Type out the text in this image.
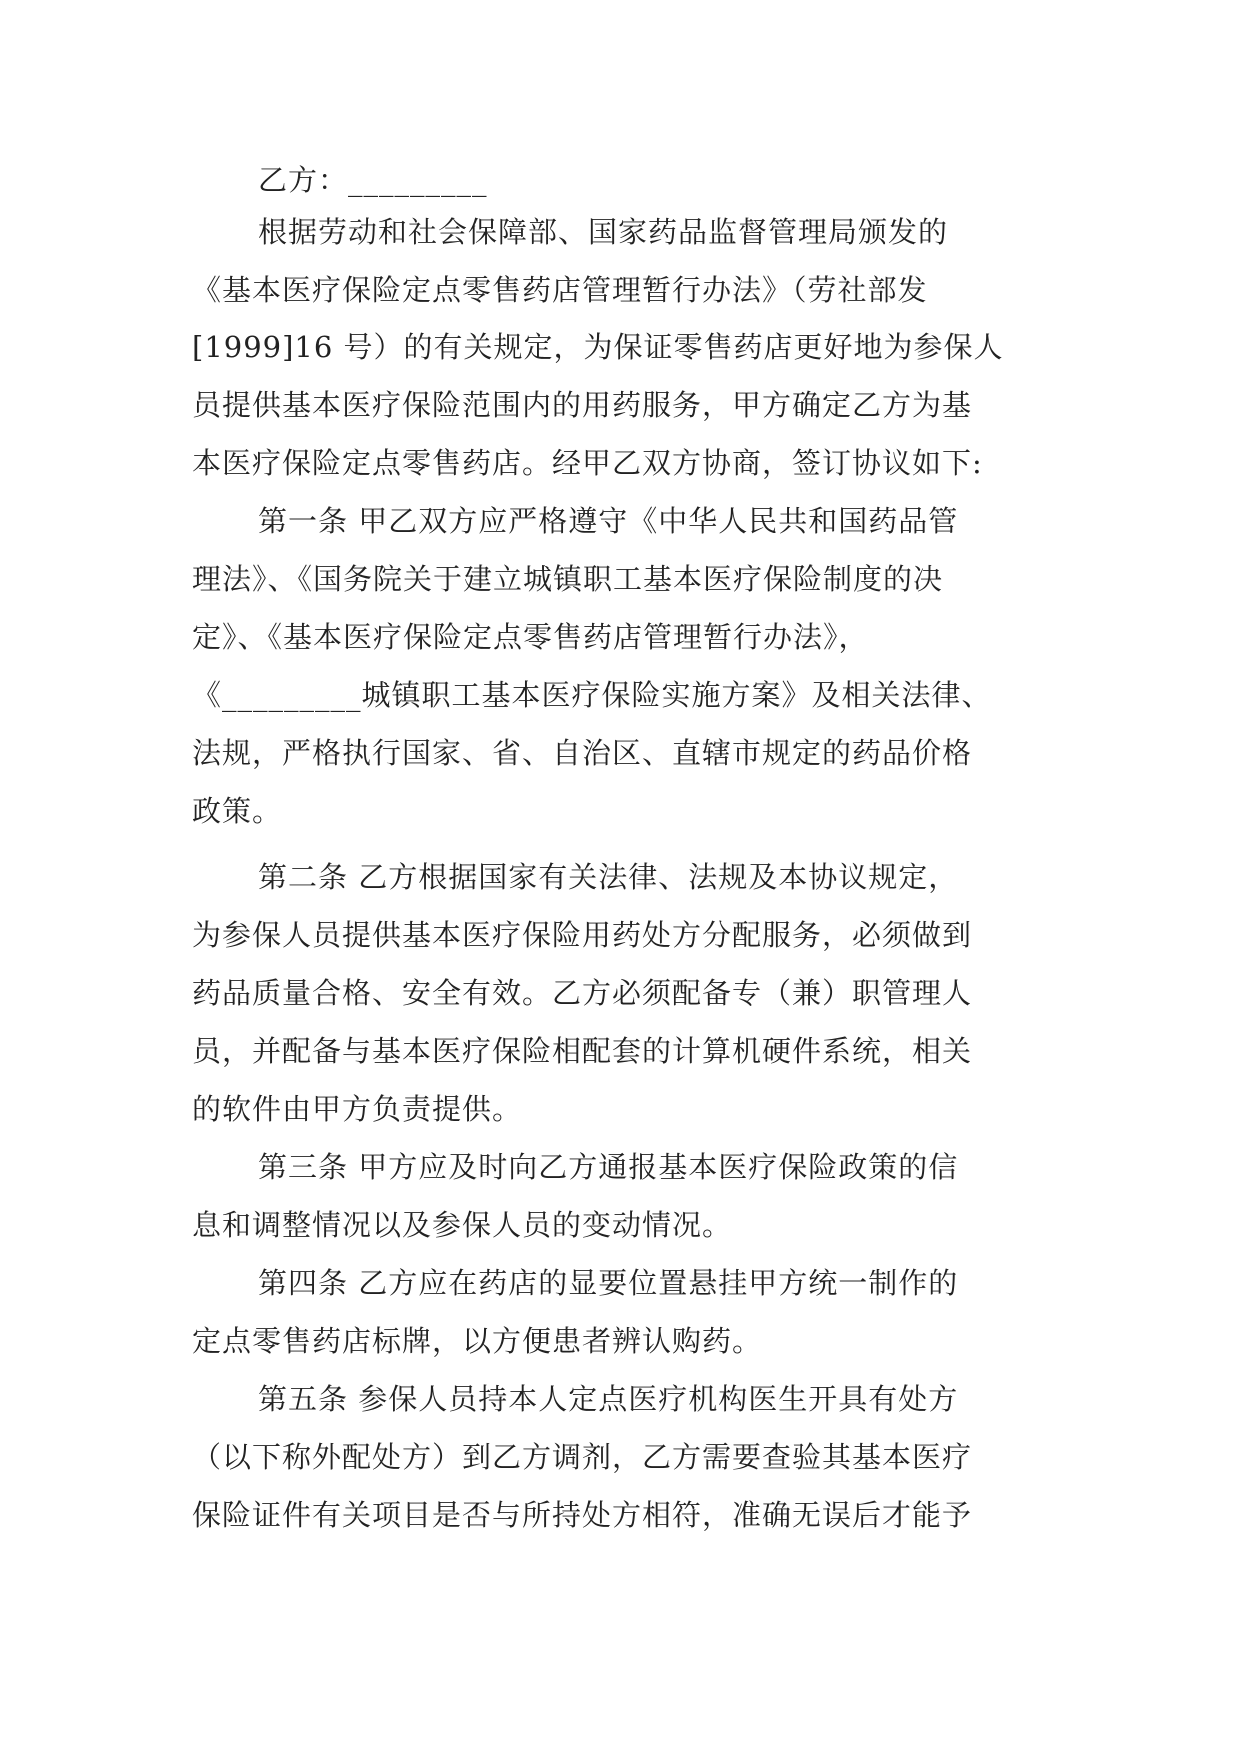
乙方：_________
根据劳动和社会保障部、国家药品监督管理局颁发的
《基本医疗保险定点零售药店管理暂行办法》（劳社部发
[1999]16 号）的有关规定，为保证零售药店更好地为参保人
员提供基本医疗保险范围内的用药服务，甲方确定乙方为基
本医疗保险定点零售药店。经甲乙双方协商，签订协议如下:
第一条 甲乙双方应严格遵守《中华人民共和国药品管
理法》、《国务院关于建立城镇职工基本医疗保险制度的决
定》、《基本医疗保险定点零售药店管理暂行办法》，
《_________城镇职工基本医疗保险实施方案》及相关法律、
法规，严格执行国家、省、自治区、直辖市规定的药品价格
政策。
第二条 乙方根据国家有关法律、法规及本协议规定，
为参保人员提供基本医疗保险用药处方分配服务，必须做到
药品质量合格、安全有效。乙方必须配备专（兼）职管理人
员，并配备与基本医疗保险相配套的计算机硬件系统，相关
的软件由甲方负责提供。
第三条 甲方应及时向乙方通报基本医疗保险政策的信
息和调整情况以及参保人员的变动情况。
第四条 乙方应在药店的显要位置悬挂甲方统一制作的
定点零售药店标牌，以方便患者辨认购药。
第五条 参保人员持本人定点医疗机构医生开具有处方
（以下称外配处方）到乙方调剂，乙方需要查验其基本医疗
保险证件有关项目是否与所持处方相符，准确无误后才能予
